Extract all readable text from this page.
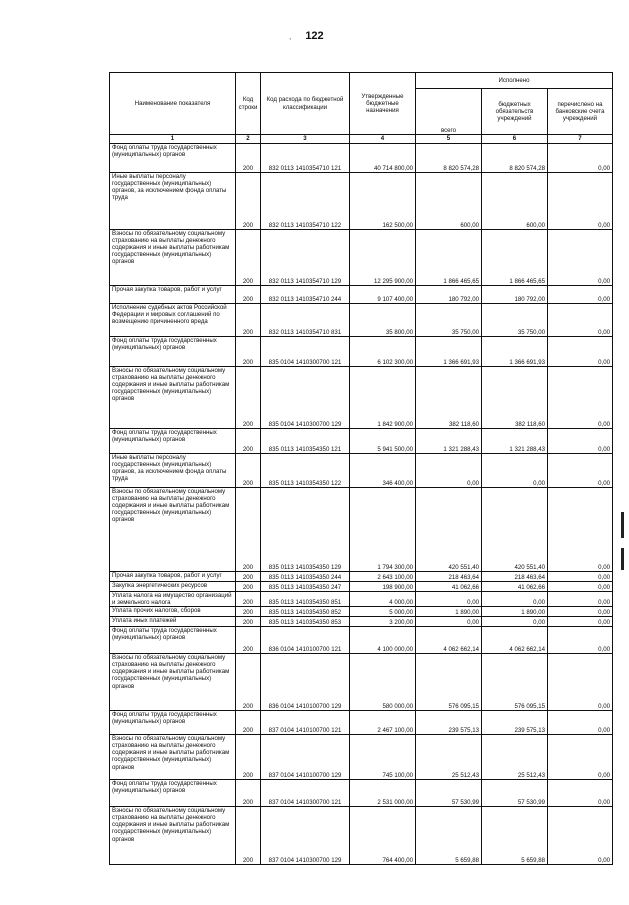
122
,
Наименование показателя	Код строки	Код расхода по бюджетной классификации	Утвержденные бюджетные назначения	Исполнено		
				всего	бюджетных обязательств учреждений	перечислено на банковские счета учреждений
1	2	3	4	5	6	7
Фонд оплаты труда государственных (муниципальных) органов	200	832 0113 1410354710 121	40 714 800,00	8 820 574,28	8 820 574,28	0,00
Иные выплаты персоналу государственных (муниципальных) органов, за исключением фонда оплаты труда	200	832 0113 1410354710 122	162 500,00	600,00	600,00	0,00
Взносы по обязательному социальному страхованию на выплаты денежного содержания и иные выплаты работникам государственных (муниципальных) органов	200	832 0113 1410354710 129	12 295 900,00	1 866 465,65	1 866 465,65	0,00
Прочая закупка товаров, работ и услуг	200	832 0113 1410354710 244	9 107 400,00	180 792,00	180 792,00	0,00
Исполнение судебных актов Российской Федерации и мировых соглашений по возмещению причиненного вреда	200	832 0113 1410354710 831	35 800,00	35 750,00	35 750,00	0,00
Фонд оплаты труда государственных (муниципальных) органов	200	835 0104 1410300700 121	6 102 300,00	1 366 691,93	1 366 691,93	0,00
Взносы по обязательному социальному страхованию на выплаты денежного содержания и иные выплаты работникам государственных (муниципальных) органов	200	835 0104 1410300700 129	1 842 900,00	382 118,60	382 118,60	0,00
Фонд оплаты труда государственных (муниципальных) органов	200	835 0113 1410354350 121	5 941 500,00	1 321 288,43	1 321 288,43	0,00
Иные выплаты персоналу государственных (муниципальных) органов, за исключением фонда оплаты труда	200	835 0113 1410354350 122	346 400,00	0,00	0,00	0,00
Взносы по обязательному социальному страхованию на выплаты денежного содержания и иные выплаты работникам государственных (муниципальных) органов	200	835 0113 1410354350 129	1 794 300,00	420 551,40	420 551,40	0,00
Прочая закупка товаров, работ и услуг	200	835 0113 1410354350 244	2 643 100,00	218 463,64	218 463,64	0,00
Закупка энергетических ресурсов	200	835 0113 1410354350 247	198 900,00	41 062,66	41 062,66	0,00
Уплата налога на имущество организаций и земельного налога	200	835 0113 1410354350 851	4 000,00	0,00	0,00	0,00
Уплата прочих налогов, сборов	200	835 0113 1410354350 852	5 000,00	1 890,00	1 890,00	0,00
Уплата иных платежей	200	835 0113 1410354350 853	3 200,00	0,00	0,00	0,00
Фонд оплаты труда государственных (муниципальных) органов	200	836 0104 1410100700 121	4 100 000,00	4 062 662,14	4 062 662,14	0,00
Взносы по обязательному социальному страхованию на выплаты денежного содержания и иные выплаты работникам государственных (муниципальных) органов	200	836 0104 1410100700 129	580 000,00	576 095,15	576 095,15	0,00
Фонд оплаты труда государственных (муниципальных) органов	200	837 0104 1410100700 121	2 467 100,00	239 575,13	239 575,13	0,00
Взносы по обязательному социальному страхованию на выплаты денежного содержания и иные выплаты работникам государственных (муниципальных) органов	200	837 0104 1410100700 129	745 100,00	25 512,43	25 512,43	0,00
Фонд оплаты труда государственных (муниципальных) органов	200	837 0104 1410300700 121	2 531 000,00	57 530,99	57 530,99	0,00
Взносы по обязательному социальному страхованию на выплаты денежного содержания и иные выплаты работникам государственных (муниципальных) органов	200	837 0104 1410300700 129	764 400,00	5 659,88	5 659,88	0,00
